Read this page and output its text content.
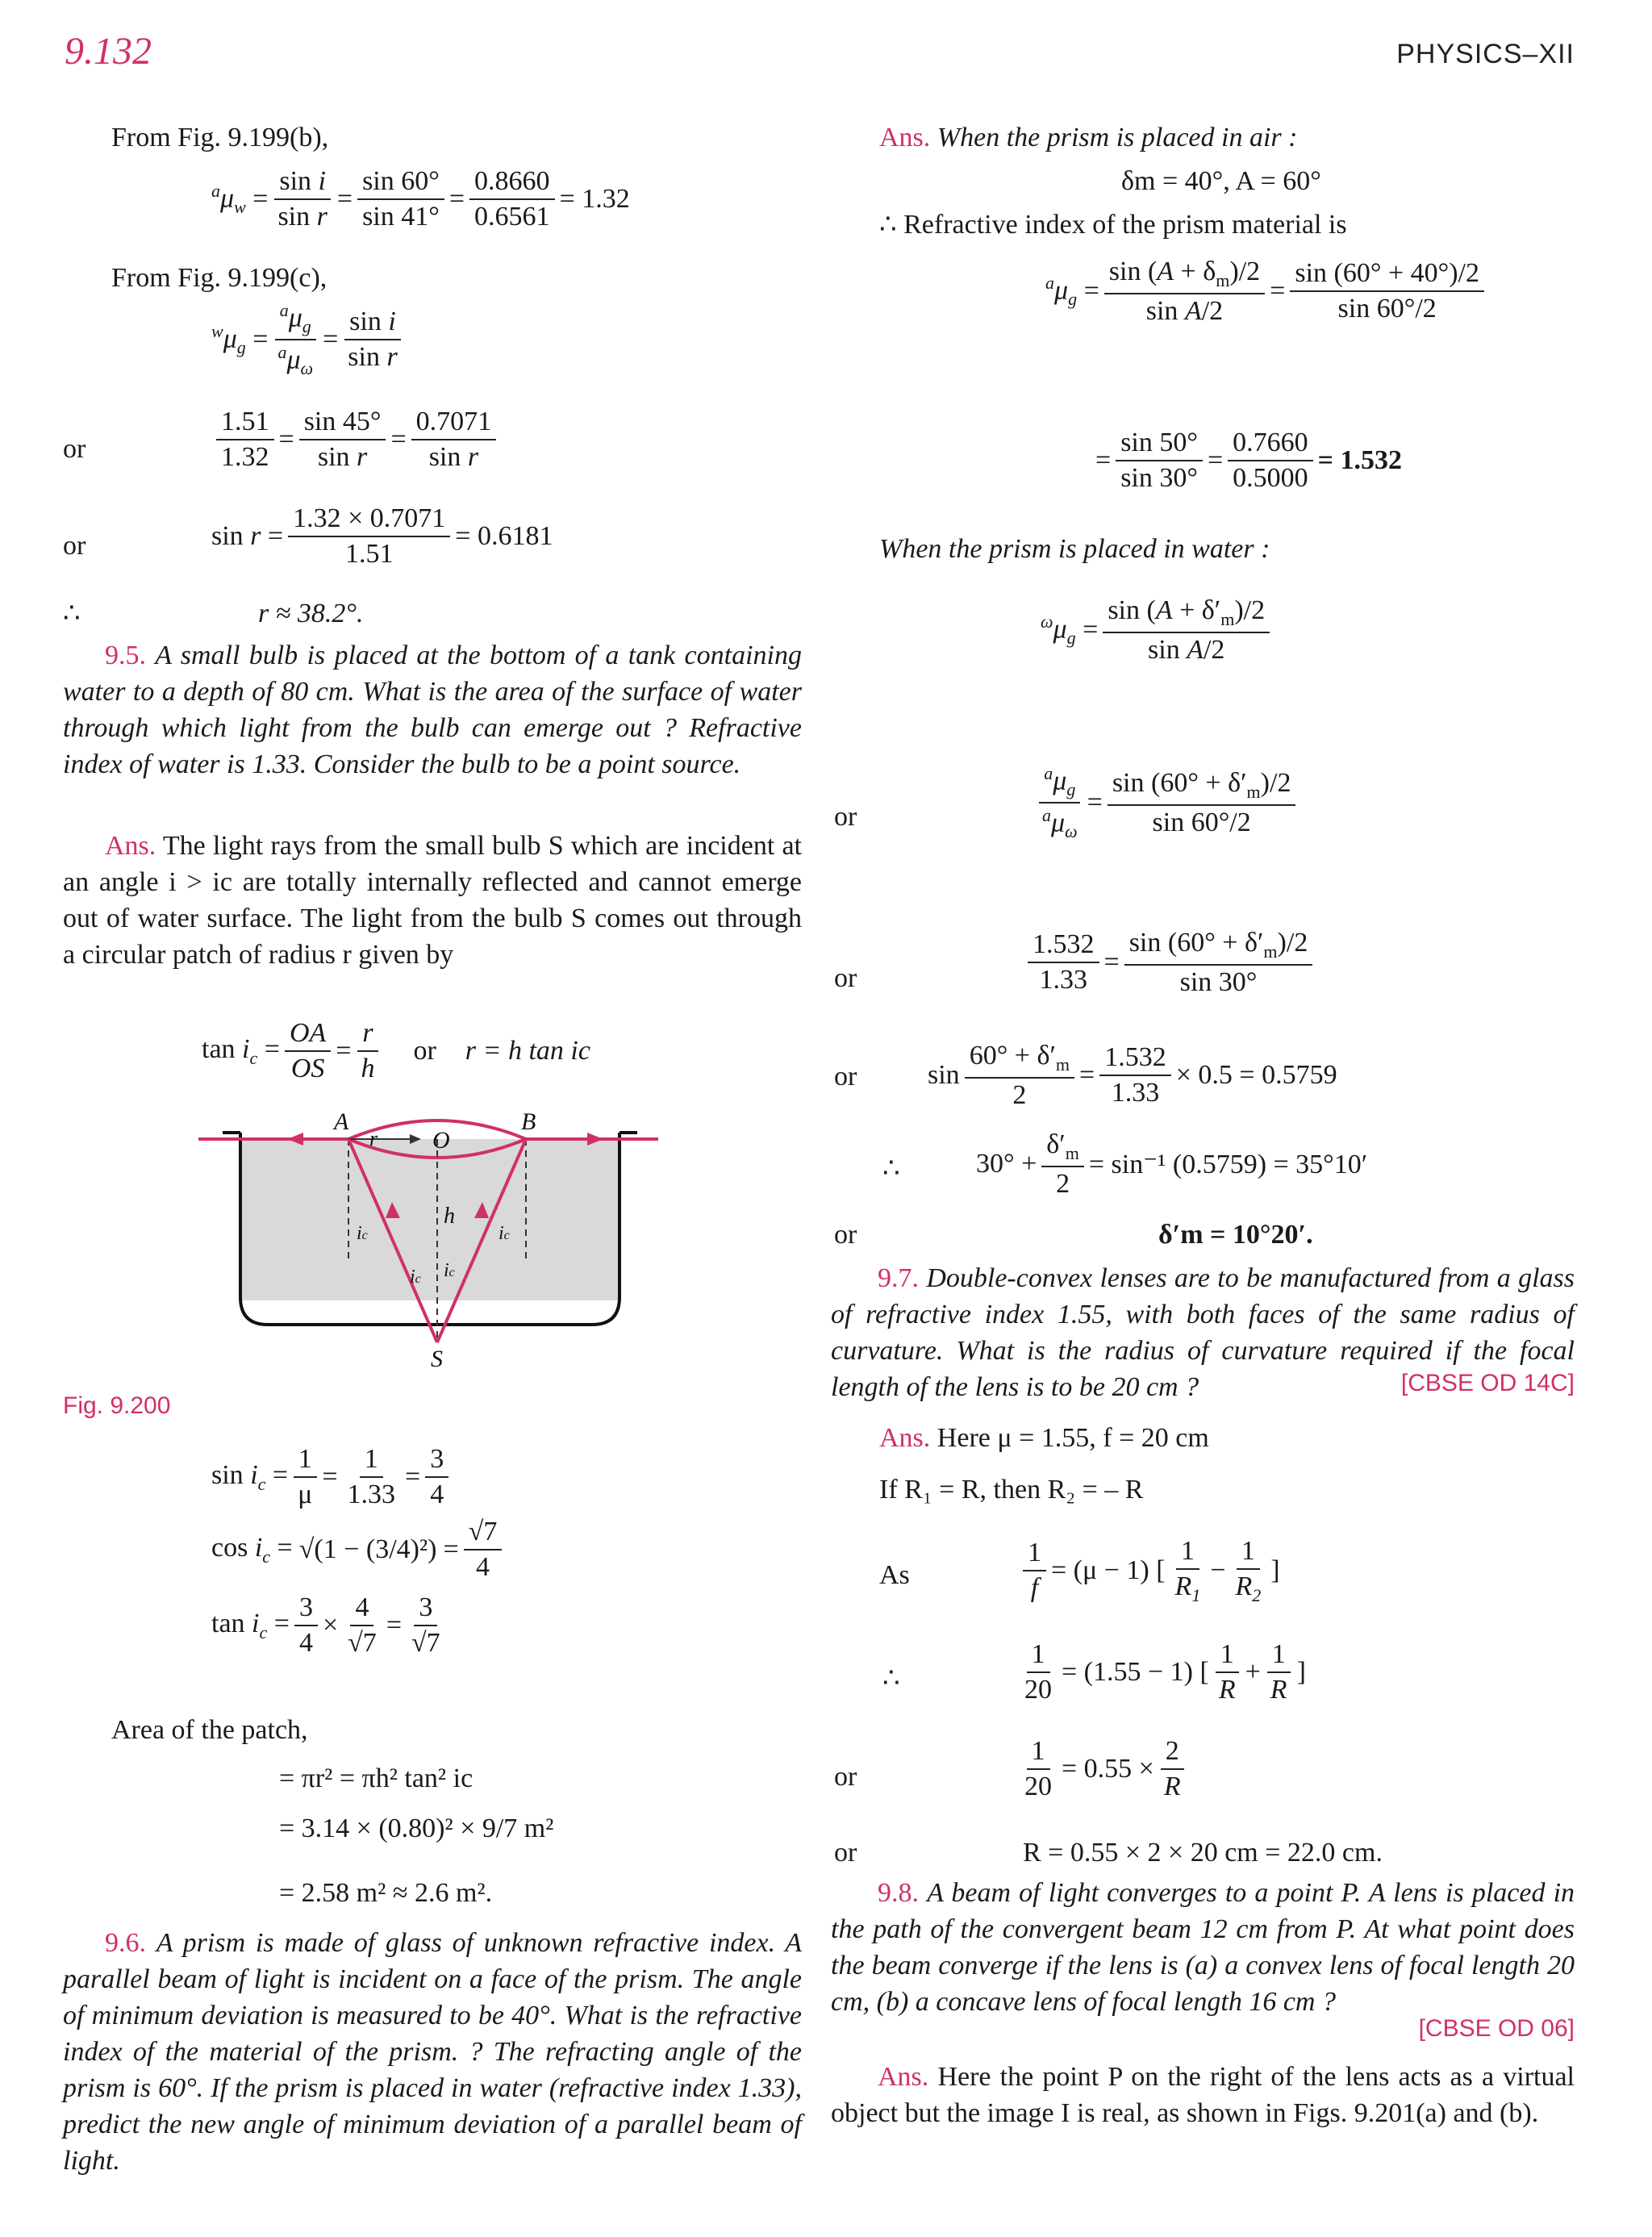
9.132	PHYSICS–XII
From Fig. 9.199(b),
$^a\mu_w = \frac{\text{sin i}}{\text{sin r}} = \frac{\sin 60^\circ}{\sin 41^\circ} = \frac{0.8660}{0.6561} = 1.32$
From Fig. 9.199(c),
$^w\mu_g = \frac{^a\mu_g}{^a\mu_\omega} = \frac{\text{sin i}}{\text{sin r}}$
or	$\frac{1.51}{1.32} = \frac{\sin 45^\circ}{\text{sin r}} = \frac{0.7071}{\text{sin r}}$
or	$\sin r = \frac{1.32 \times 0.7071}{1.51} = 0.6181$
∴	r ≈ 38.2°.
9.5. A small bulb is placed at the bottom of a tank containing water to a depth of 80 cm. What is the area of the surface of water through which light from the bulb can emerge out ? Refractive index of water is 1.33. Consider the bulb to be a point source.
Ans. The light rays from the small bulb S which are incident at an angle i > ic are totally internally reflected and cannot emerge out of water surface. The light from the bulb S comes out through a circular patch of radius r given by
$\tan i_c = \frac{OA}{OS} = \frac{r}{h}$ or r = h tan ic
A	B
r O
h
ic	ic
ic ic
S
Fig. 9.200
$\sin i_c = \frac{1}{\mu} = \frac{1}{1.33} = \frac{3}{4}$
$\cos i_c = √(1 - (3/4)^2) = \frac{√7}{4}$
$\tan i_c = \frac{3}{4} \times \frac{4}{√7} = \frac{3}{√7}$
Area of the patch,
= πr² = πh² tan² ic
= 3.14 × (0.80)² × 9/7 m²
= 2.58 m² ≈ 2.6 m².
9.6. A prism is made of glass of unknown refractive index. A parallel beam of light is incident on a face of the prism. The angle of minimum deviation is measured to be 40°. What is the refractive index of the material of the prism. ? The refracting angle of the prism is 60°. If the prism is placed in water (refractive index 1.33), predict the new angle of minimum deviation of a parallel beam of light.
Ans. When the prism is placed in air :
δm = 40°, A = 60°
∴ Refractive index of the prism material is
$^a\mu_g = \frac{\sin (A + \delta_m)/2}{\text{sin A/2}} = \frac{\sin (60^\circ + 40^\circ)/2}{\sin 60^\circ/2}$
= $\frac{\sin 50^\circ}{\sin 30^\circ} = \frac{0.7660}{0.5000} = 1.532$
When the prism is placed in water :
$^\omega\mu_g = \frac{\sin (A + \delta'_m)/2}{\text{sin A/2}}$
or	$\frac{^a\mu_g}{^a\mu_\omega} = \frac{\sin (60^\circ + \delta'_m)/2}{\sin 60^\circ/2}$
or	$\frac{1.532}{1.33} = \frac{\sin (60^\circ + \delta'_m)/2}{\sin 30^\circ}$
or	$\sin \frac{60^\circ + \delta'_m}{2} = \frac{1.532}{1.33} \times 0.5 = 0.5759$
∴	$30^\circ + \frac{\delta'_m}{2} = \sin^{-1}$ (0.5759) = 35°10′
or	δ′m = 10°20′.
9.7. Double-convex lenses are to be manufactured from a glass of refractive index 1.55, with both faces of the same radius of curvature. What is the radius of curvature required if the focal length of the lens is to be 20 cm ?	[CBSE OD 14C]
Ans. Here μ = 1.55, f = 20 cm
If R₁ = R, then R₂ = – R
As	$\frac{1}{f} = (\mu - 1)$ [ $\frac{1}{R_1} - \frac{1}{R_2}$ ]
∴	$\frac{1}{20} = (1.55 - 1)$ [ $\frac{1}{R} + \frac{1}{R}$ ]
or	$\frac{1}{20} = 0.55 \times \frac{2}{R}$
or	R = 0.55 × 2 × 20 cm = 22.0 cm.
9.8. A beam of light converges to a point P. A lens is placed in the path of the convergent beam 12 cm from P. At what point does the beam converge if the lens is (a) a convex lens of focal length 20 cm, (b) a concave lens of focal length 16 cm ?
[CBSE OD 06]
Ans. Here the point P on the right of the lens acts as a virtual object but the image I is real, as shown in Figs. 9.201(a) and (b).
